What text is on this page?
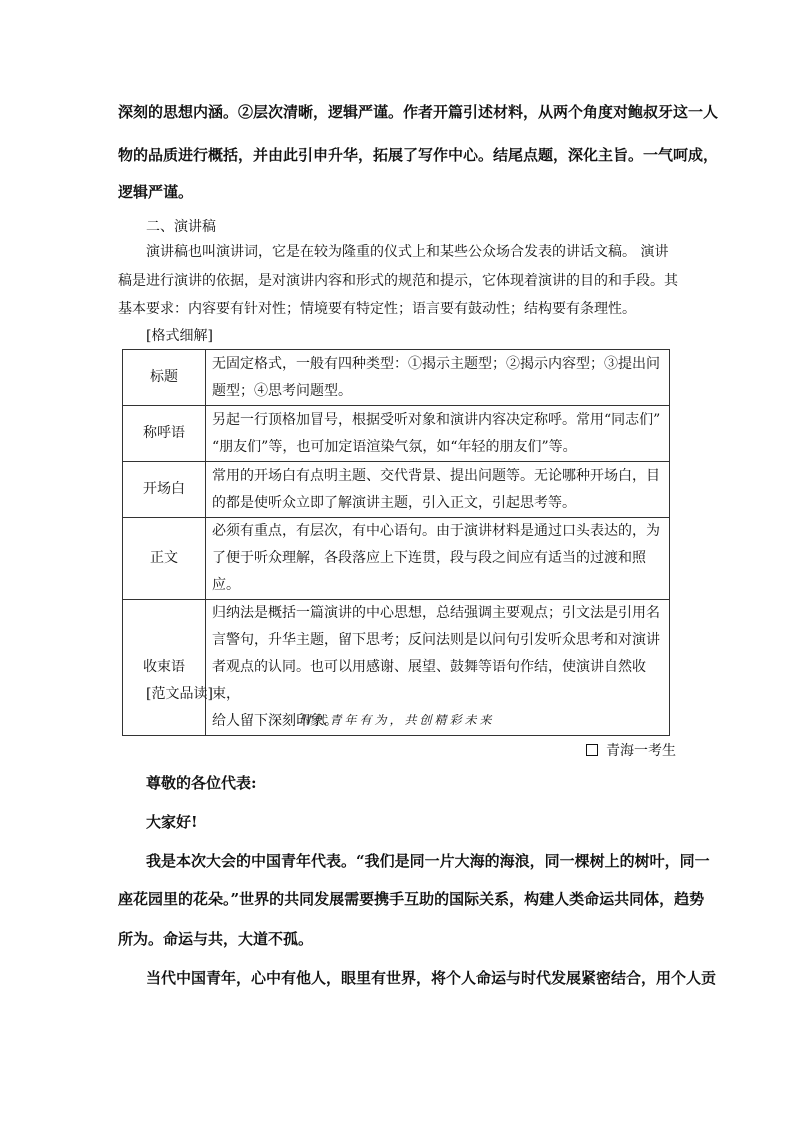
深刻的思想内涵。②层次清晰，逻辑严谨。作者开篇引述材料，从两个角度对鲍叔牙这一人
物的品质进行概括，并由此引申升华，拓展了写作中心。结尾点题，深化主旨。一气呵成，
逻辑严谨。
二、演讲稿
演讲稿也叫演讲词，它是在较为隆重的仪式上和某些公众场合发表的讲话文稿。 演讲
稿是进行演讲的依据，是对演讲内容和形式的规范和提示，它体现着演讲的目的和手段。其
基本要求：内容要有针对性；情境要有特定性；语言要有鼓动性；结构要有条理性。
[格式细解]
标题	无固定格式，一般有四种类型：①揭示主题型；②揭示内容型；③提出问
题型；④思考问题型。

称呼语	另起一行顶格加冒号，根据受听对象和演讲内容决定称呼。常用“同志们”
“朋友们”等，也可加定语渲染气氛，如“年轻的朋友们”等。

开场白	常用的开场白有点明主题、交代背景、提出问题等。无论哪种开场白，目
的都是使听众立即了解演讲主题，引入正文，引起思考等。

正文	必须有重点，有层次，有中心语句。由于演讲材料是通过口头表达的，为
了便于听众理解，各段落应上下连贯，段与段之间应有适当的过渡和照应。

收束语	归纳法是概括一篇演讲的中心思想，总结强调主要观点；引文法是引用名
言警句，升华主题，留下思考；反问法则是以问句引发听众思考和对演讲
者观点的认同。也可以用感谢、展望、鼓舞等语句作结，使演讲自然收束，
给人留下深刻印象。
[范文品读]
时代青年有为，共创精彩未来
青海一考生
尊敬的各位代表:
大家好!
我是本次大会的中国青年代表。“我们是同一片大海的海浪，同一棵树上的树叶，同一
座花园里的花朵。”世界的共同发展需要携手互助的国际关系，构建人类命运共同体，趋势
所为。命运与共，大道不孤。
当代中国青年，心中有他人，眼里有世界，将个人命运与时代发展紧密结合，用个人贡
